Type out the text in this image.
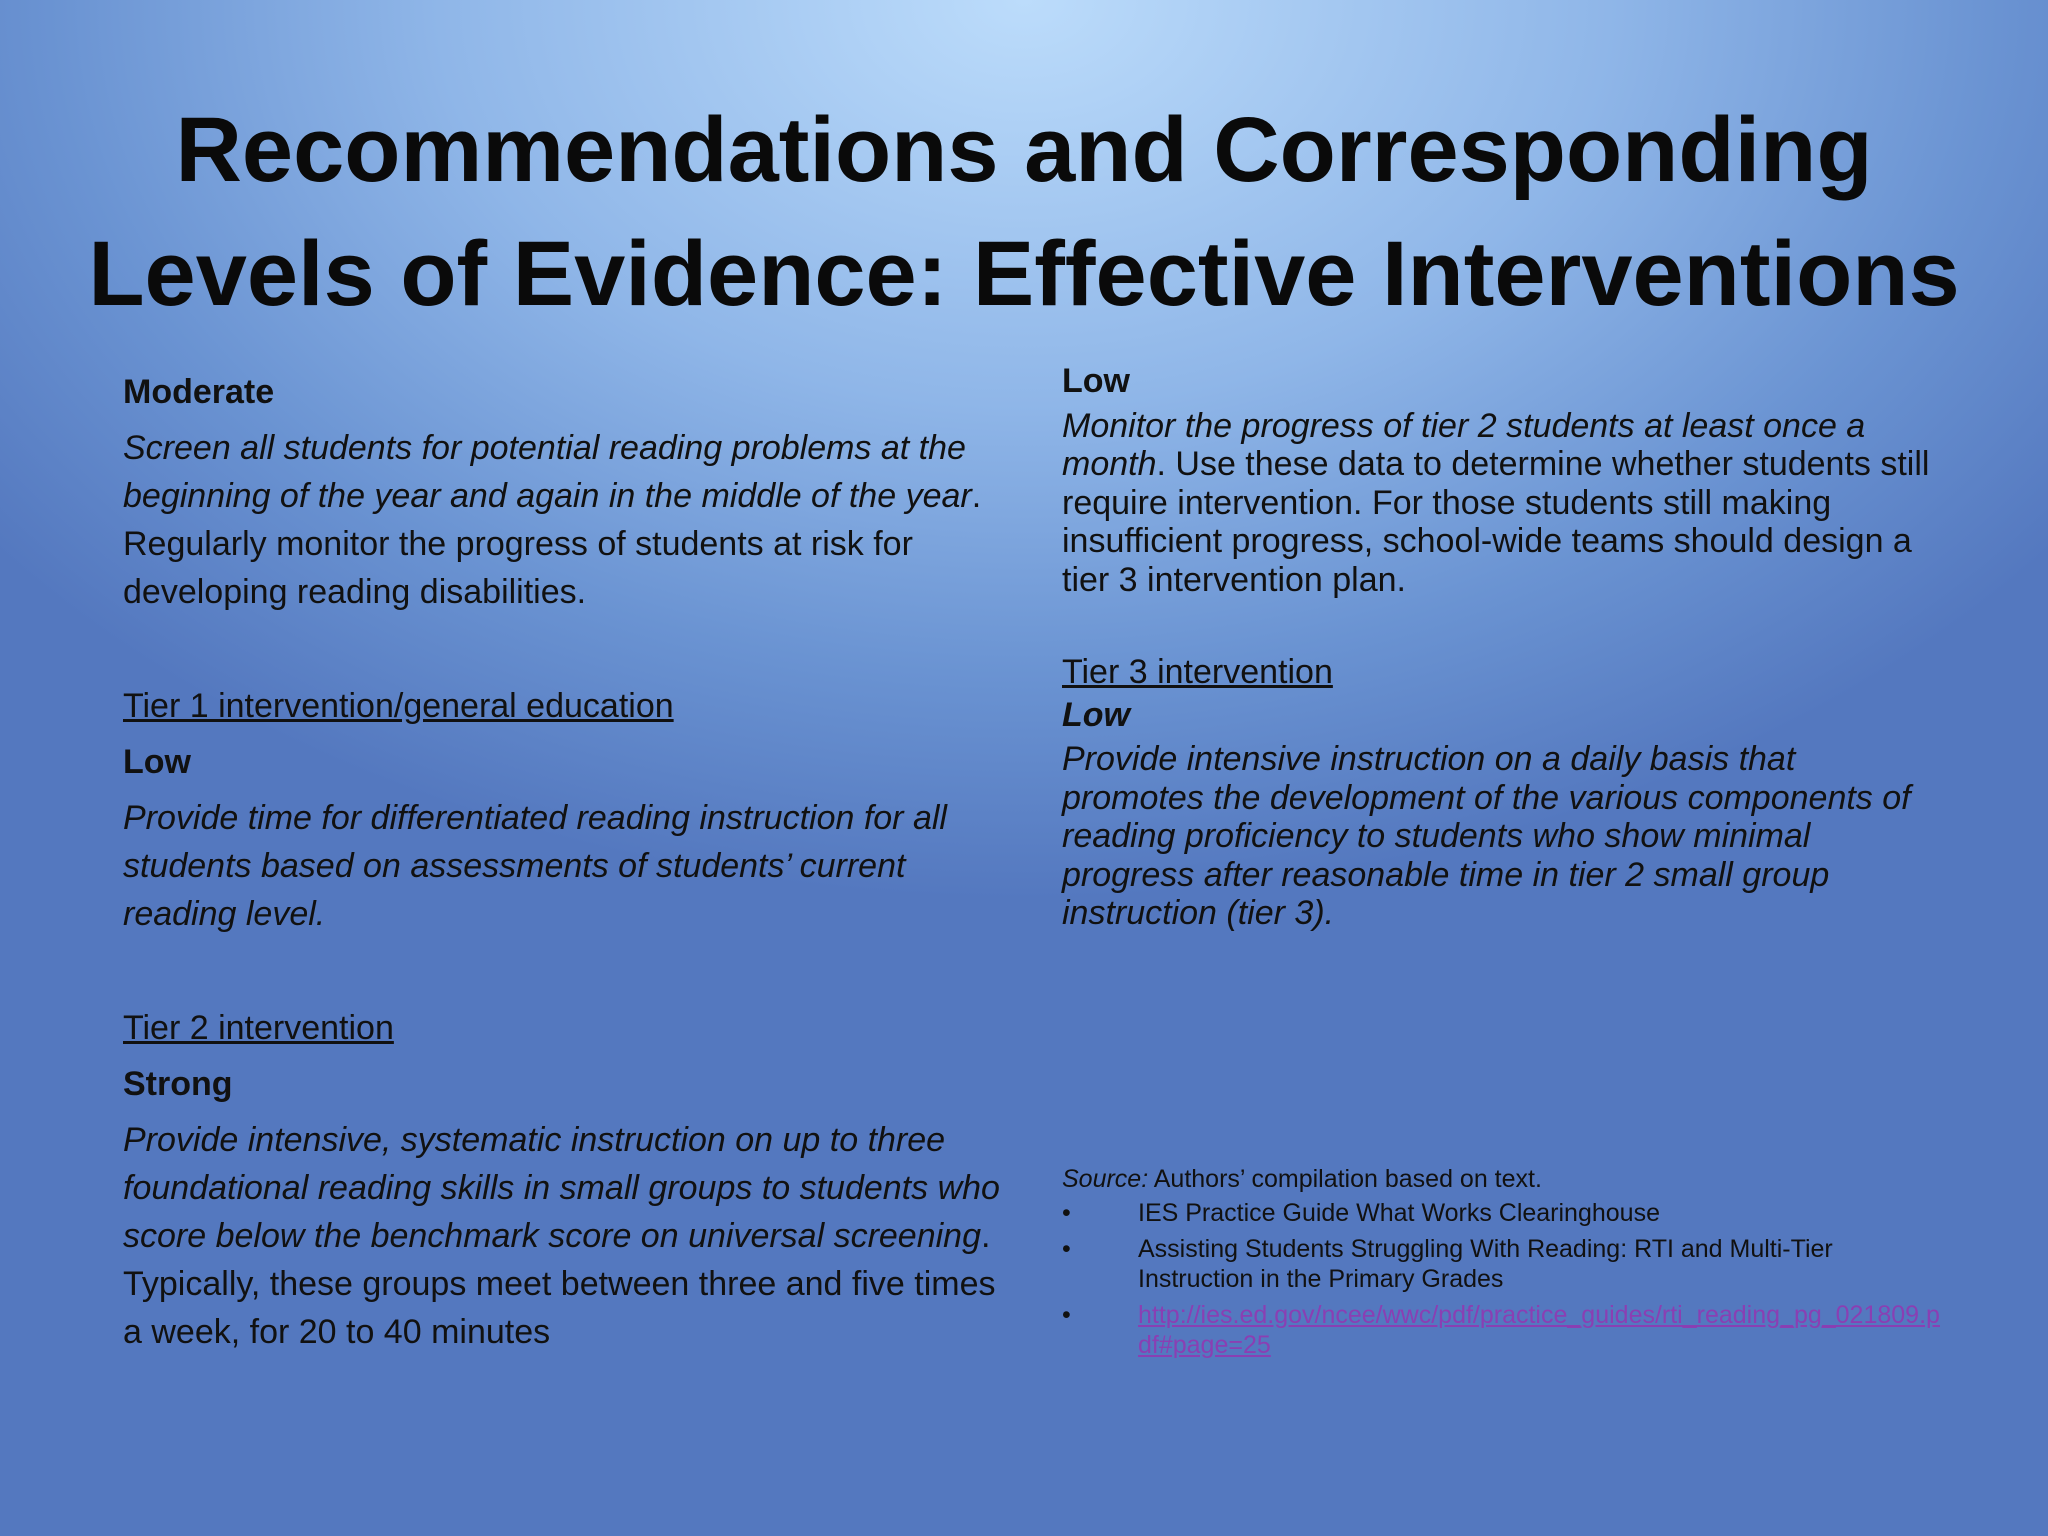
Recommendations and Corresponding
Levels of Evidence: Effective Interventions

Moderate

Screen all students for potential reading problems at the beginning of the year and again in the middle of the year. Regularly monitor the progress of students at risk for developing reading disabilities.

Tier 1 intervention/general education

Low

Provide time for differentiated reading instruction for all students based on assessments of students’ current reading level.

Tier 2 intervention

Strong

Provide intensive, systematic instruction on up to three foundational reading skills in small groups to students who score below the benchmark score on universal screening. Typically, these groups meet between three and five times a week, for 20 to 40 minutes

Low

Monitor the progress of tier 2 students at least once a month. Use these data to determine whether students still require intervention. For those students still making insufficient progress, school-wide teams should design a tier 3 intervention plan.

Tier 3 intervention

Low

Provide intensive instruction on a daily basis that promotes the development of the various components of reading proficiency to students who show minimal progress after reasonable time in tier 2 small group instruction (tier 3).

Source: Authors’ compilation based on text.

•	IES Practice Guide What Works Clearinghouse
•	Assisting Students Struggling With Reading: RTI and Multi-Tier Instruction in the Primary Grades
•	http://ies.ed.gov/ncee/wwc/pdf/practice_guides/rti_reading_pg_021809.pdf#page=25
